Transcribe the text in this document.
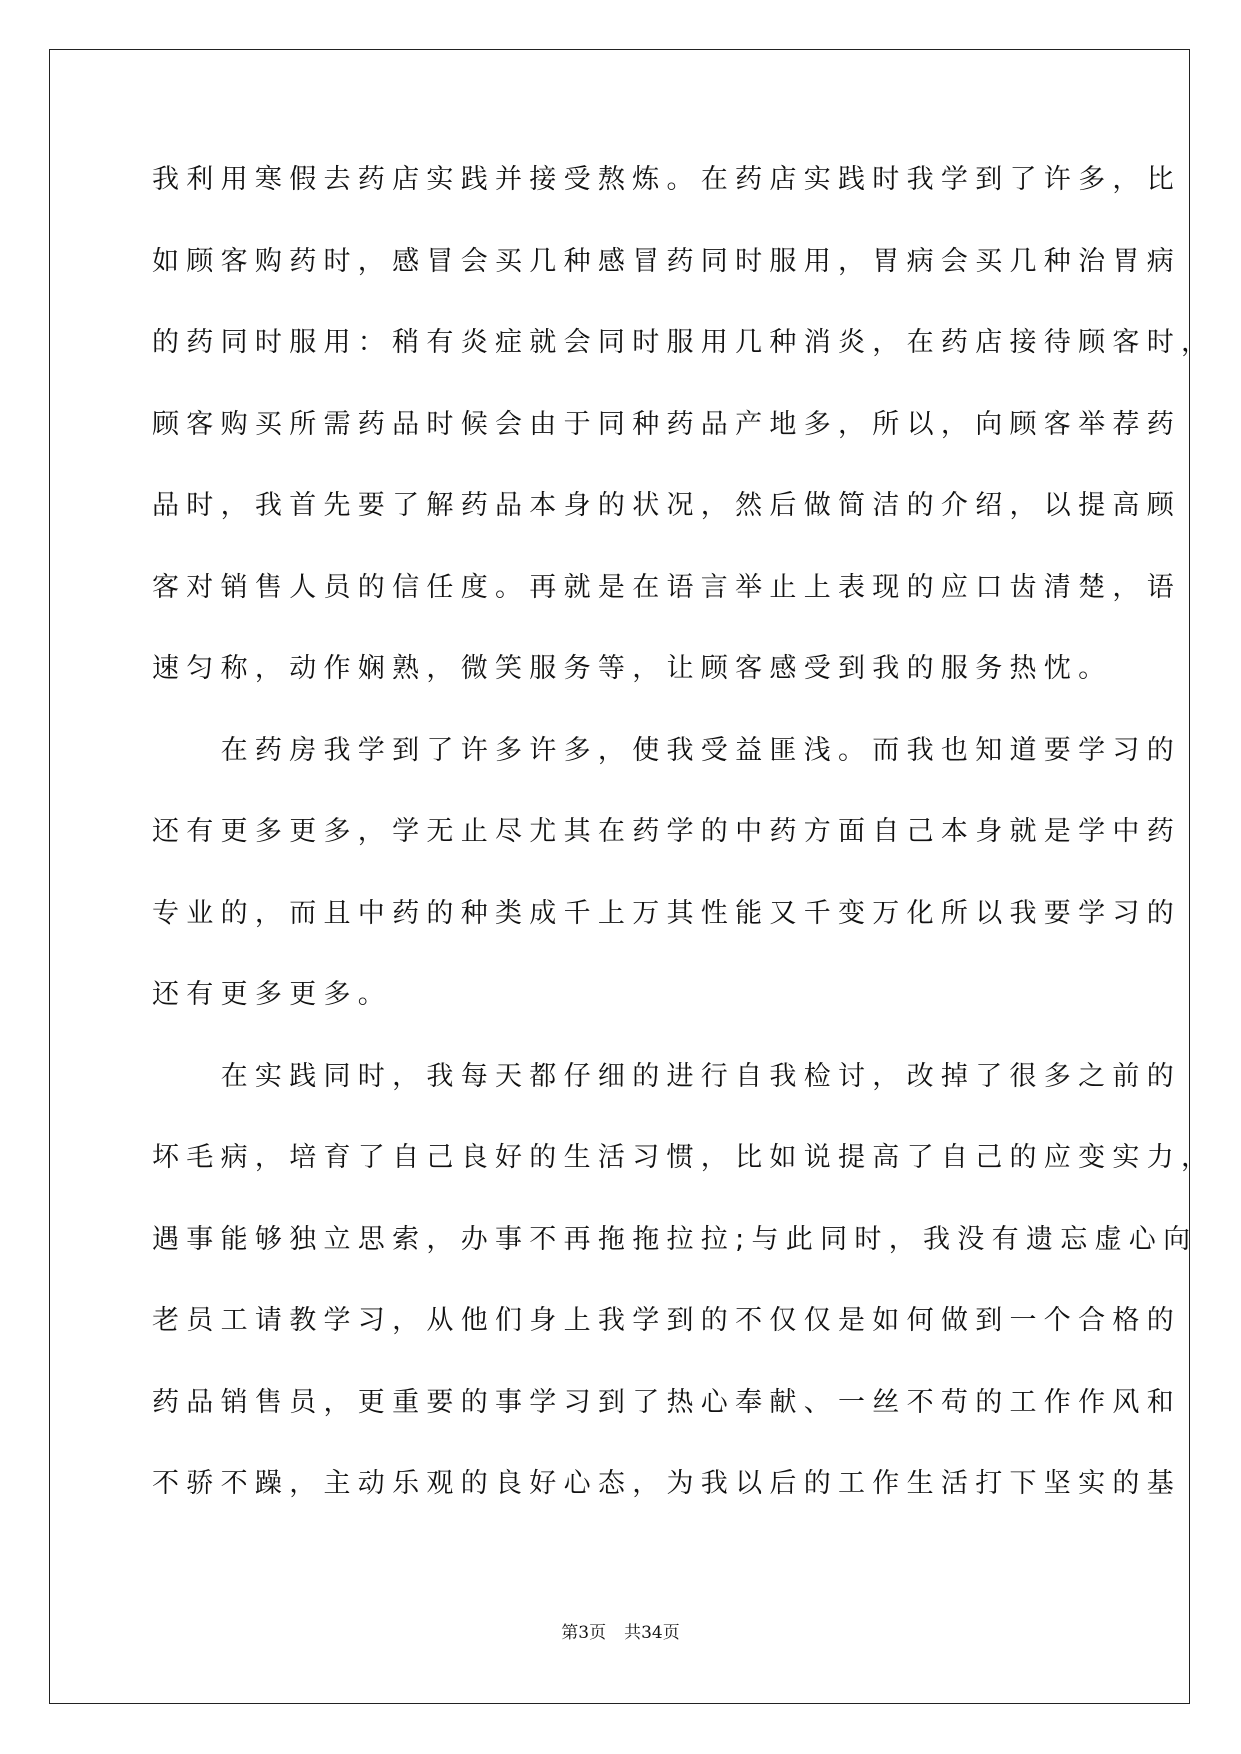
我利用寒假去药店实践并接受熬炼。在药店实践时我学到了许多，比
如顾客购药时，感冒会买几种感冒药同时服用，胃病会买几种治胃病
的药同时服用：稍有炎症就会同时服用几种消炎，在药店接待顾客时，
顾客购买所需药品时候会由于同种药品产地多，所以，向顾客举荐药
品时，我首先要了解药品本身的状况，然后做简洁的介绍，以提高顾
客对销售人员的信任度。再就是在语言举止上表现的应口齿清楚，语
速匀称，动作娴熟，微笑服务等，让顾客感受到我的服务热忱。
　　在药房我学到了许多许多，使我受益匪浅。而我也知道要学习的
还有更多更多，学无止尽尤其在药学的中药方面自己本身就是学中药
专业的，而且中药的种类成千上万其性能又千变万化所以我要学习的
还有更多更多。
　　在实践同时，我每天都仔细的进行自我检讨，改掉了很多之前的
坏毛病，培育了自己良好的生活习惯，比如说提高了自己的应变实力，
遇事能够独立思索，办事不再拖拖拉拉;与此同时，我没有遗忘虚心向
老员工请教学习，从他们身上我学到的不仅仅是如何做到一个合格的
药品销售员，更重要的事学习到了热心奉献、一丝不苟的工作作风和
不骄不躁，主动乐观的良好心态，为我以后的工作生活打下坚实的基
第3页 共34页
